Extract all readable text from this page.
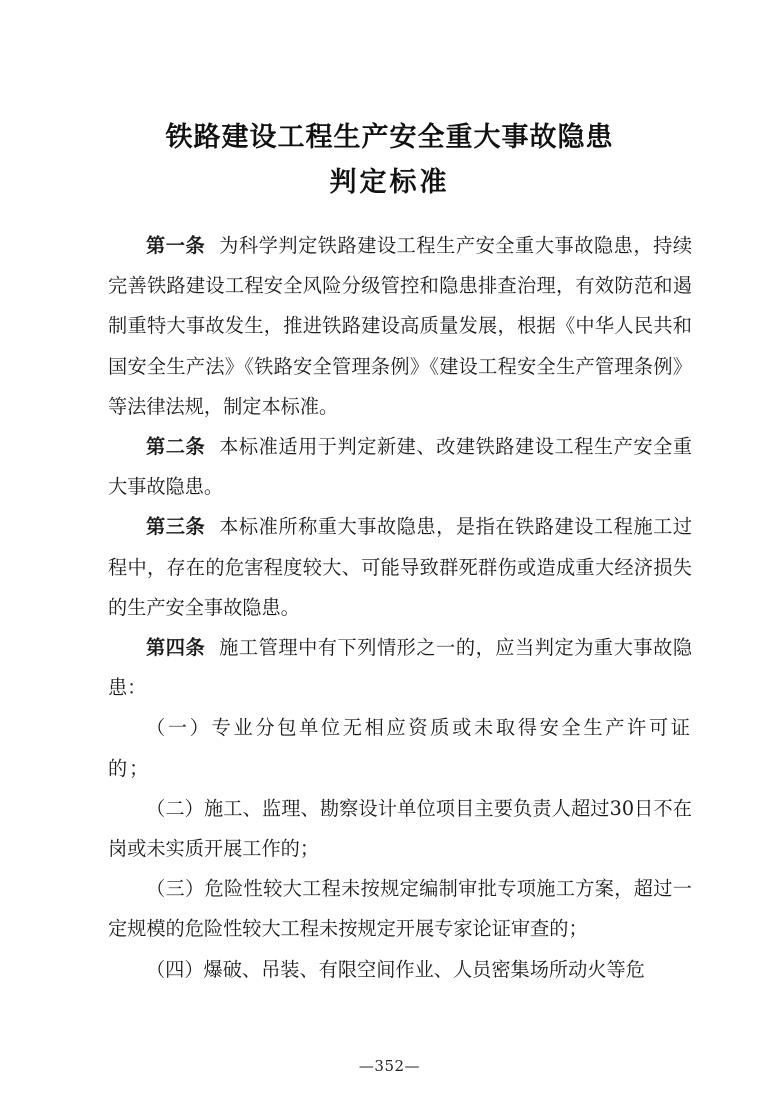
铁路建设工程生产安全重大事故隐患
判定标准

第一条 为科学判定铁路建设工程生产安全重大事故隐患，持续完善铁路建设工程安全风险分级管控和隐患排查治理，有效防范和遏制重特大事故发生，推进铁路建设高质量发展，根据《中华人民共和国安全生产法》《铁路安全管理条例》《建设工程安全生产管理条例》等法律法规，制定本标准。

第二条 本标准适用于判定新建、改建铁路建设工程生产安全重大事故隐患。

第三条 本标准所称重大事故隐患，是指在铁路建设工程施工过程中，存在的危害程度较大、可能导致群死群伤或造成重大经济损失的生产安全事故隐患。

第四条 施工管理中有下列情形之一的，应当判定为重大事故隐患：

（一）专业分包单位无相应资质或未取得安全生产许可证的；

（二）施工、监理、勘察设计单位项目主要负责人超过30日不在岗或未实质开展工作的；

（三）危险性较大工程未按规定编制审批专项施工方案，超过一定规模的危险性较大工程未按规定开展专家论证审查的；

（四）爆破、吊装、有限空间作业、人员密集场所动火等危

—352—
